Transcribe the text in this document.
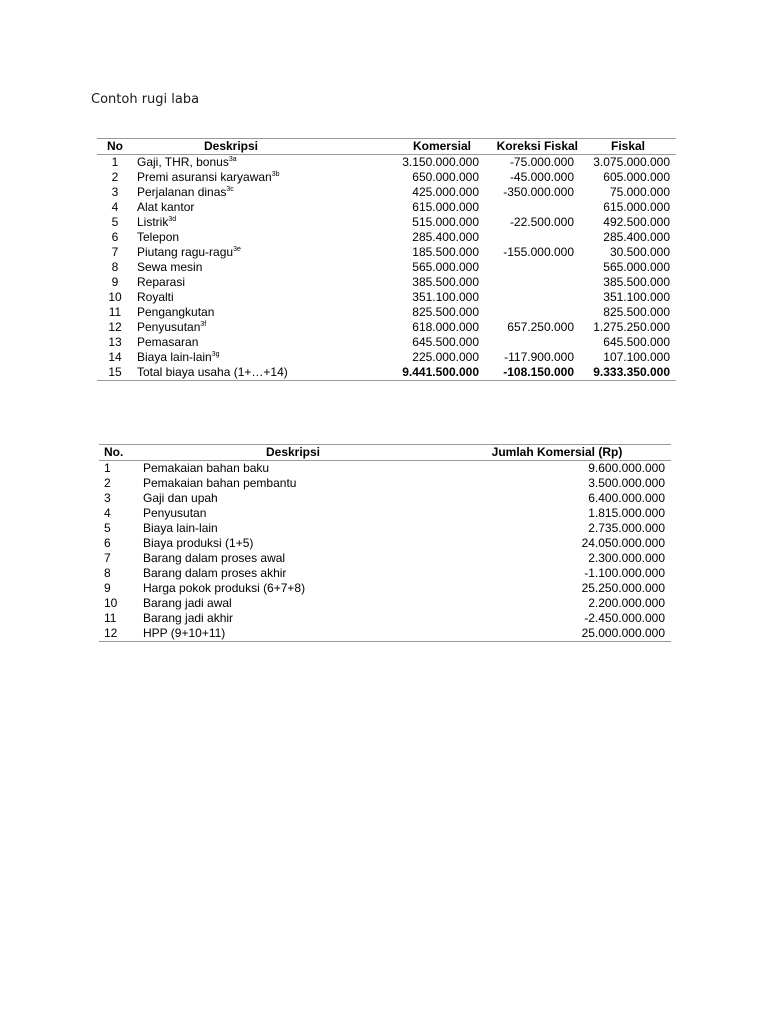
Contoh rugi laba
No	Deskripsi	Komersial	Koreksi Fiskal	Fiskal
1	Gaji, THR, bonus$^{3a}$	3.150.000.000	-75.000.000	3.075.000.000
2	Premi asuransi karyawan$^{3b}$	650.000.000	-45.000.000	605.000.000
3	Perjalanan dinas$^{3c}$	425.000.000	-350.000.000	75.000.000
4	Alat kantor	615.000.000		615.000.000
5	Listrik$^{3d}$	515.000.000	-22.500.000	492.500.000
6	Telepon	285.400.000		285.400.000
7	Piutang ragu-ragu$^{3e}$	185.500.000	-155.000.000	30.500.000
8	Sewa mesin	565.000.000		565.000.000
9	Reparasi	385.500.000		385.500.000
10	Royalti	351.100.000		351.100.000
11	Pengangkutan	825.500.000		825.500.000
12	Penyusutan$^{3f}$	618.000.000	657.250.000	1.275.250.000
13	Pemasaran	645.500.000		645.500.000
14	Biaya lain-lain$^{3g}$	225.000.000	-117.900.000	107.100.000
15	Total biaya usaha (1+…+14)	9.441.500.000	-108.150.000	9.333.350.000
No.	Deskripsi	Jumlah Komersial (Rp)
1	Pemakaian bahan baku	9.600.000.000
2	Pemakaian bahan pembantu	3.500.000.000
3	Gaji dan upah	6.400.000.000
4	Penyusutan	1.815.000.000
5	Biaya lain-lain	2.735.000.000
6	Biaya produksi (1+5)	24.050.000.000
7	Barang dalam proses awal	2.300.000.000
8	Barang dalam proses akhir	-1.100.000.000
9	Harga pokok produksi (6+7+8)	25.250.000.000
10	Barang jadi awal	2.200.000.000
11	Barang jadi akhir	-2.450.000.000
12	HPP (9+10+11)	25.000.000.000
